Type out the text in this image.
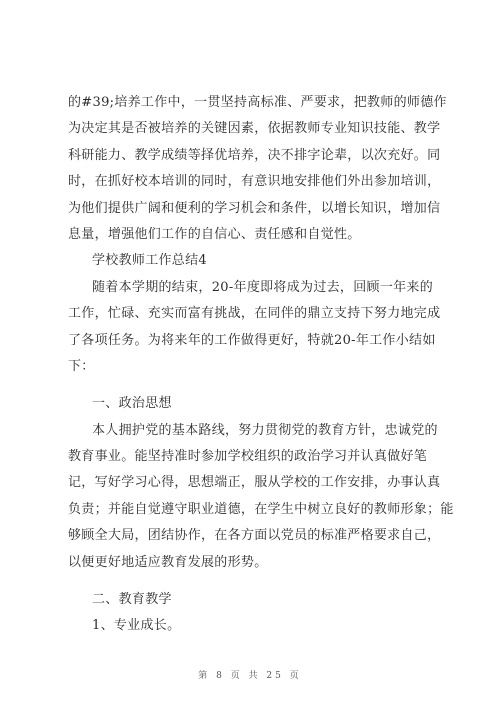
的#39;培养工作中，一贯坚持高标准、严要求，把教师的师德作
为决定其是否被培养的关键因素，依据教师专业知识技能、教学
科研能力、教学成绩等择优培养，决不排字论辈，以次充好。同
时，在抓好校本培训的同时，有意识地安排他们外出参加培训，
为他们提供广阔和便利的学习机会和条件，以增长知识，增加信
息量，增强他们工作的自信心、责任感和自觉性。
学校教师工作总结4
随着本学期的结束，20-年度即将成为过去，回顾一年来的
工作，忙碌、充实而富有挑战，在同伴的鼎立支持下努力地完成
了各项任务。为将来年的工作做得更好，特就20-年工作小结如
下：
一、政治思想
本人拥护党的基本路线，努力贯彻党的教育方针，忠诚党的
教育事业。能坚持准时参加学校组织的政治学习并认真做好笔
记，写好学习心得，思想端正，服从学校的工作安排，办事认真
负责；并能自觉遵守职业道德，在学生中树立良好的教师形象；能
够顾全大局，团结协作，在各方面以党员的标准严格要求自己，
以便更好地适应教育发展的形势。
二、教育教学
1、专业成长。
第 8 页 共 25 页
